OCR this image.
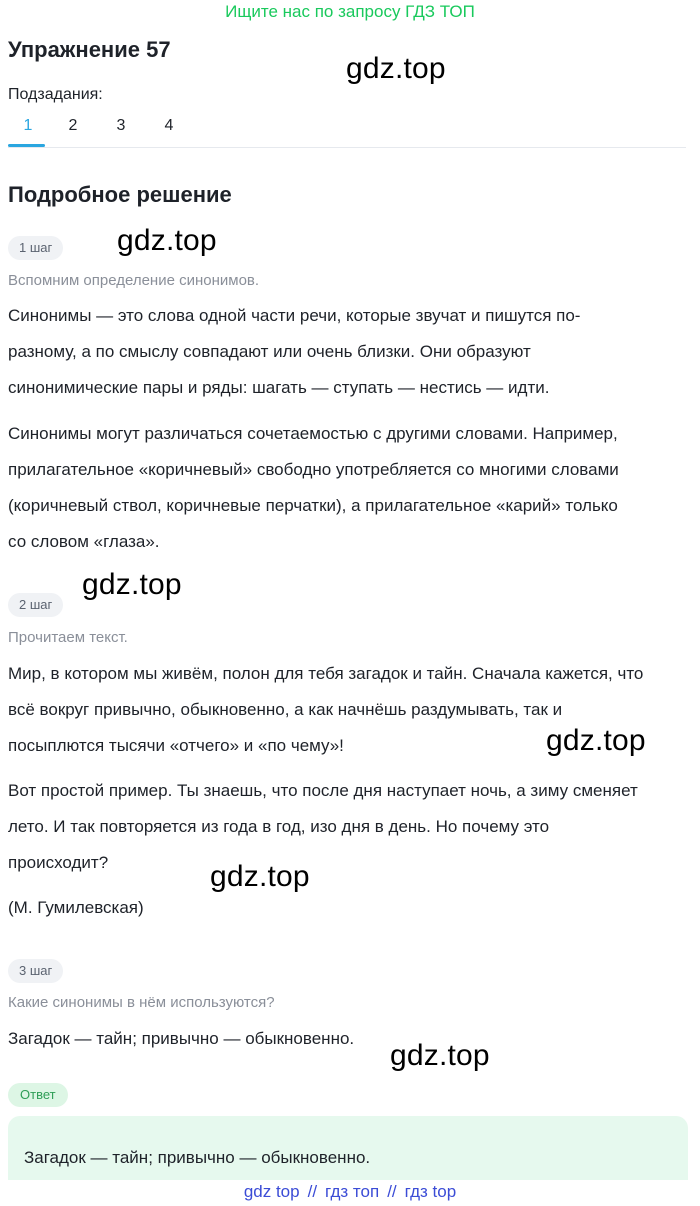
Ищите нас по запросу ГДЗ ТОП
Упражнение 57
Подзадания:
1	2	3	4
Подробное решение
1 шаг
Вспомним определение синонимов.
Синонимы — это слова одной части речи, которые звучат и пишутся по-
разному, а по смыслу совпадают или очень близки. Они образуют
синонимические пары и ряды: шагать — ступать — нестись — идти.
Синонимы могут различаться сочетаемостью с другими словами. Например,
прилагательное «коричневый» свободно употребляется со многими словами
(коричневый ствол, коричневые перчатки), а прилагательное «карий» только
со словом «глаза».
2 шаг
Прочитаем текст.
Мир, в котором мы живём, полон для тебя загадок и тайн. Сначала кажется, что
всё вокруг привычно, обыкновенно, а как начнёшь раздумывать, так и
посыплются тысячи «отчего» и «по чему»!
Вот простой пример. Ты знаешь, что после дня наступает ночь, а зиму сменяет
лето. И так повторяется из года в год, изо дня в день. Но почему это
происходит?
(М. Гумилевская)
3 шаг
Какие синонимы в нём используются?
Загадок — тайн; привычно — обыкновенно.
Ответ
Загадок — тайн; привычно — обыкновенно.
gdz.top
gdz.top
gdz.top
gdz.top
gdz.top
gdz.top
gdz top // гдз топ // гдз top
